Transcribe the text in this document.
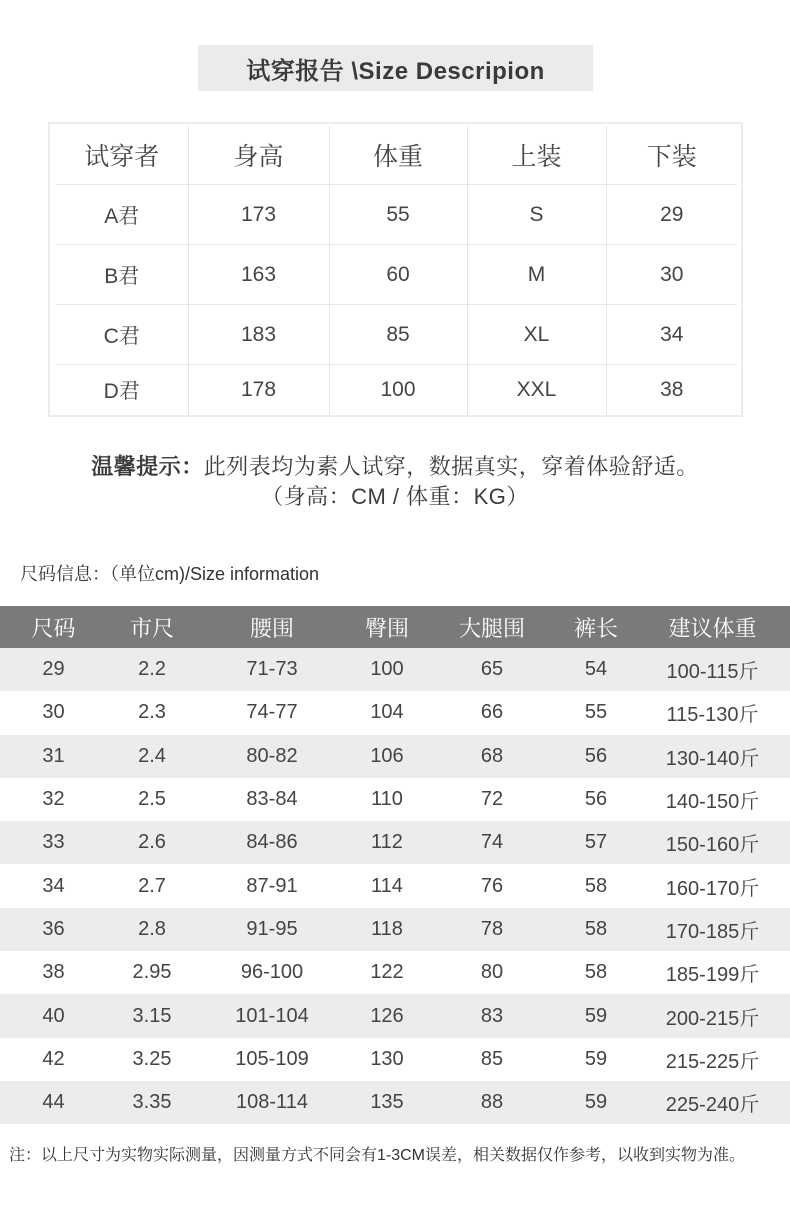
试穿报告 \Size Descripion
试穿者	身高	体重	上装	下装
A君	173	55	S	29
B君	163	60	M	30
C君	183	85	XL	34
D君	178	100	XXL	38
温馨提示：此列表均为素人试穿，数据真实，穿着体验舒适。
（身高：CM / 体重：KG）
尺码信息：（单位cm)/Size information
尺码	市尺	腰围	臀围	大腿围	裤长	建议体重
29	2.2	71-73	100	65	54	100-115斤
30	2.3	74-77	104	66	55	115-130斤
31	2.4	80-82	106	68	56	130-140斤
32	2.5	83-84	110	72	56	140-150斤
33	2.6	84-86	112	74	57	150-160斤
34	2.7	87-91	114	76	58	160-170斤
36	2.8	91-95	118	78	58	170-185斤
38	2.95	96-100	122	80	58	185-199斤
40	3.15	101-104	126	83	59	200-215斤
42	3.25	105-109	130	85	59	215-225斤
44	3.35	108-114	135	88	59	225-240斤
注：以上尺寸为实物实际测量，因测量方式不同会有1-3CM误差，相关数据仅作参考，以收到实物为准。
